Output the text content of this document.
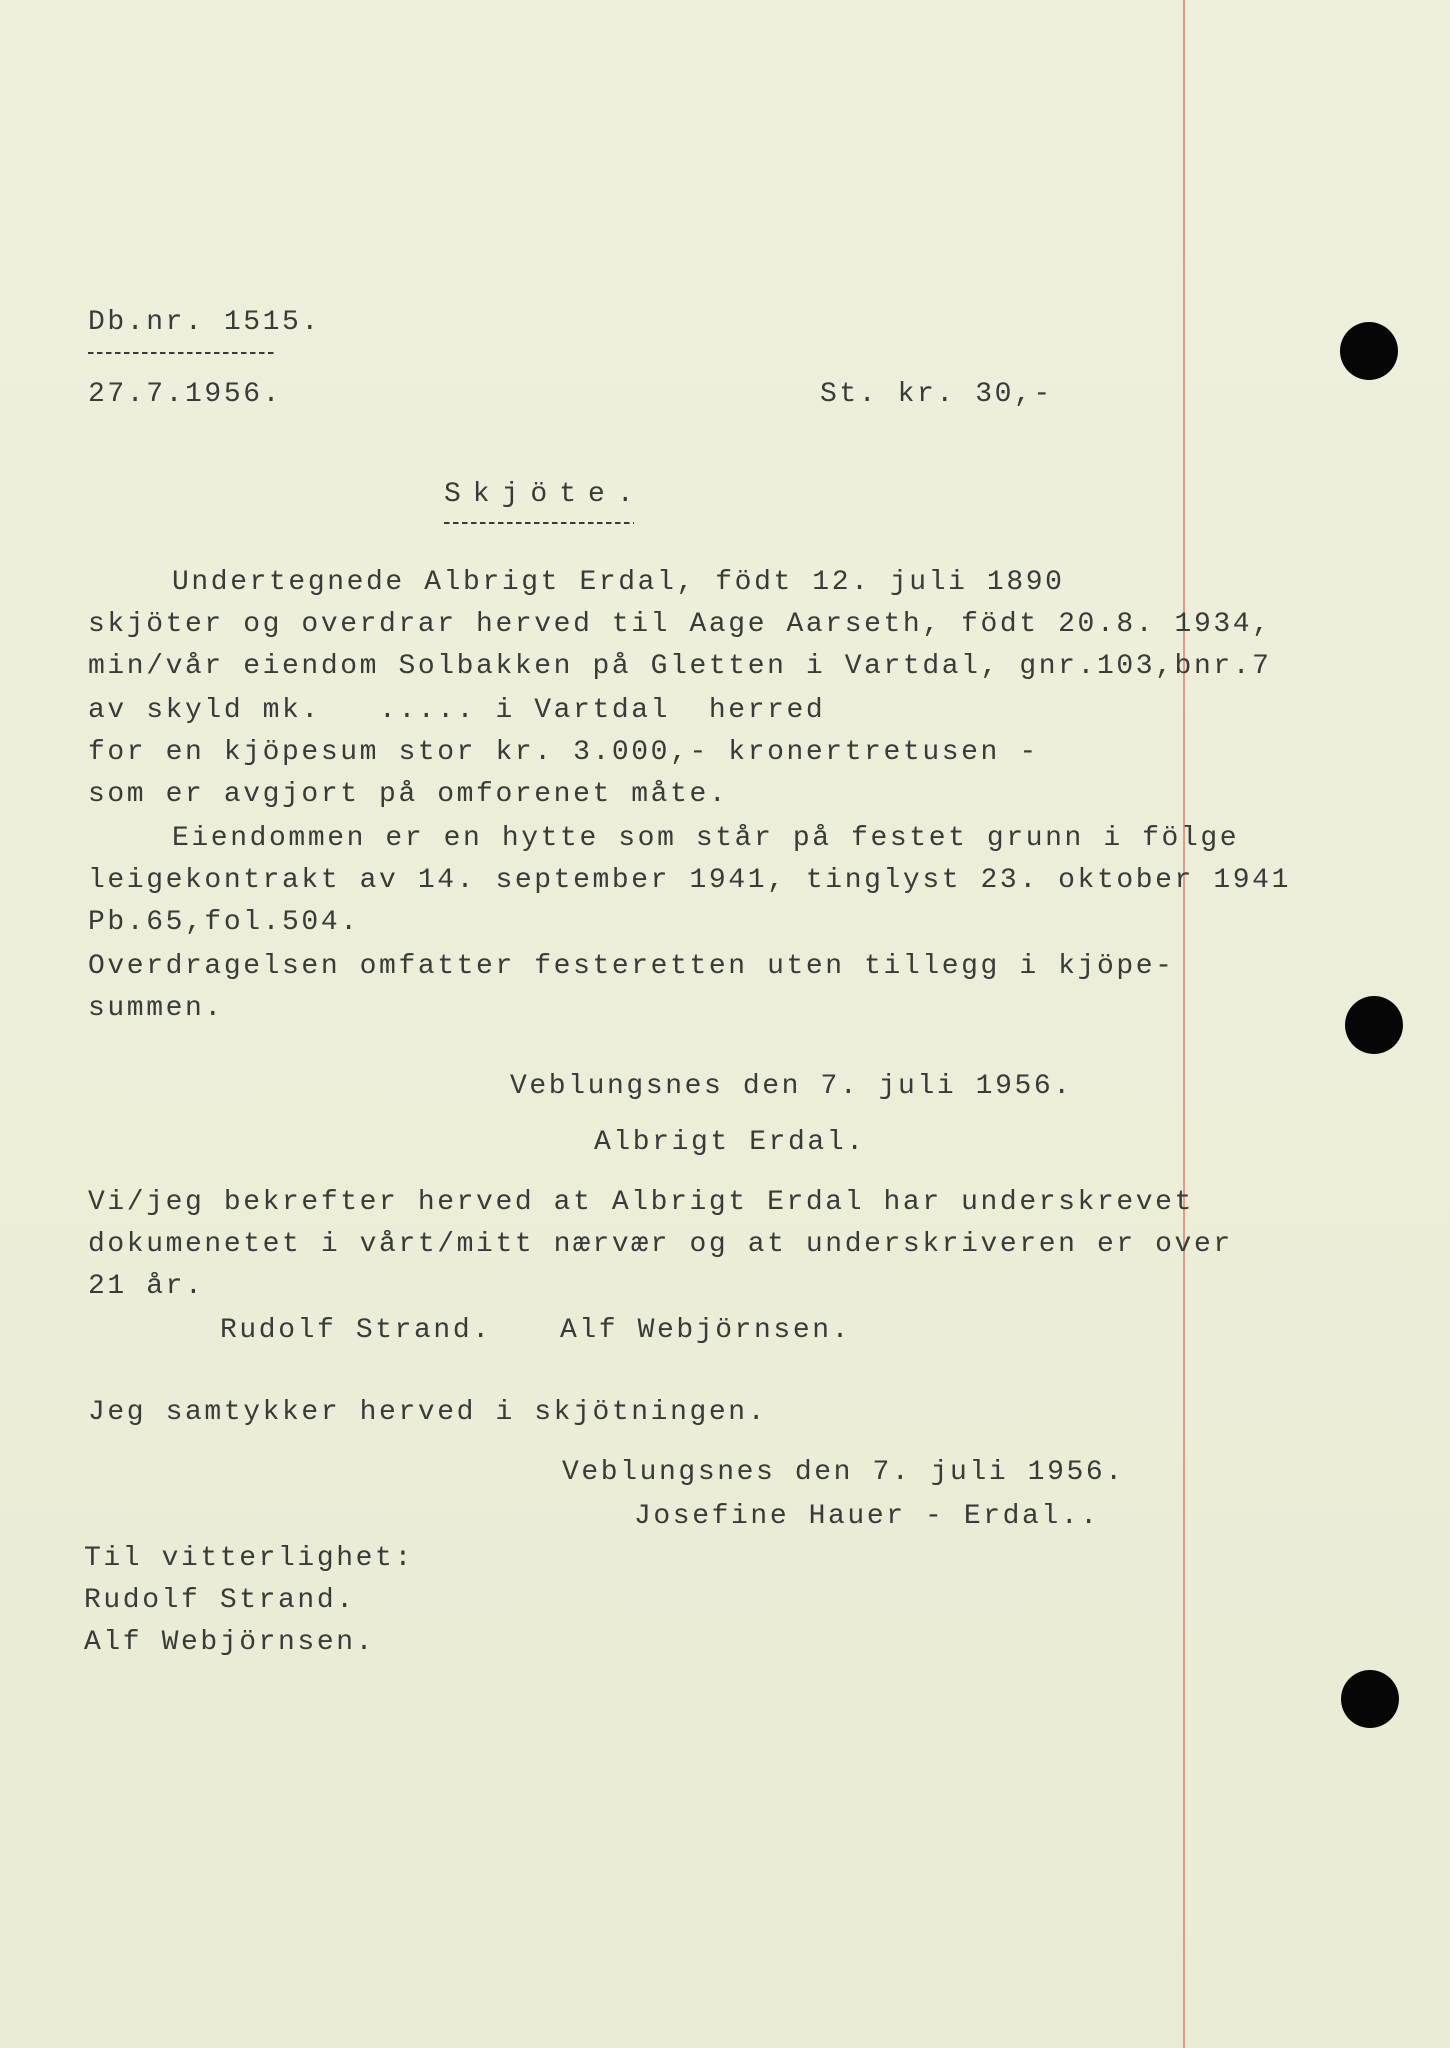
Db.nr. 1515.
27.7.1956.	St. kr. 30,-
Skjöte.
Undertegnede Albrigt Erdal, födt 12. juli 1890
skjöter og overdrar herved til Aage Aarseth, födt 20.8. 1934,
min/vår eiendom Solbakken på Gletten i Vartdal, gnr.103,bnr.7
av skyld mk.   ..... i Vartdal  herred
for en kjöpesum stor kr. 3.000,- kronertretusen -
som er avgjort på omforenet måte.
Eiendommen er en hytte som står på festet grunn i fölge
leigekontrakt av 14. september 1941, tinglyst 23. oktober 1941
Pb.65,fol.504.
Overdragelsen omfatter festeretten uten tillegg i kjöpe-
summen.
Veblungsnes den 7. juli 1956.
Albrigt Erdal.
Vi/jeg bekrefter herved at Albrigt Erdal har underskrevet
dokumenetet i vårt/mitt nærvær og at underskriveren er over
21 år.
Rudolf Strand. Alf Webjörnsen.
Jeg samtykker herved i skjötningen.
Veblungsnes den 7. juli 1956.
Josefine Hauer - Erdal..
Til vitterlighet:
Rudolf Strand.
Alf Webjörnsen.
